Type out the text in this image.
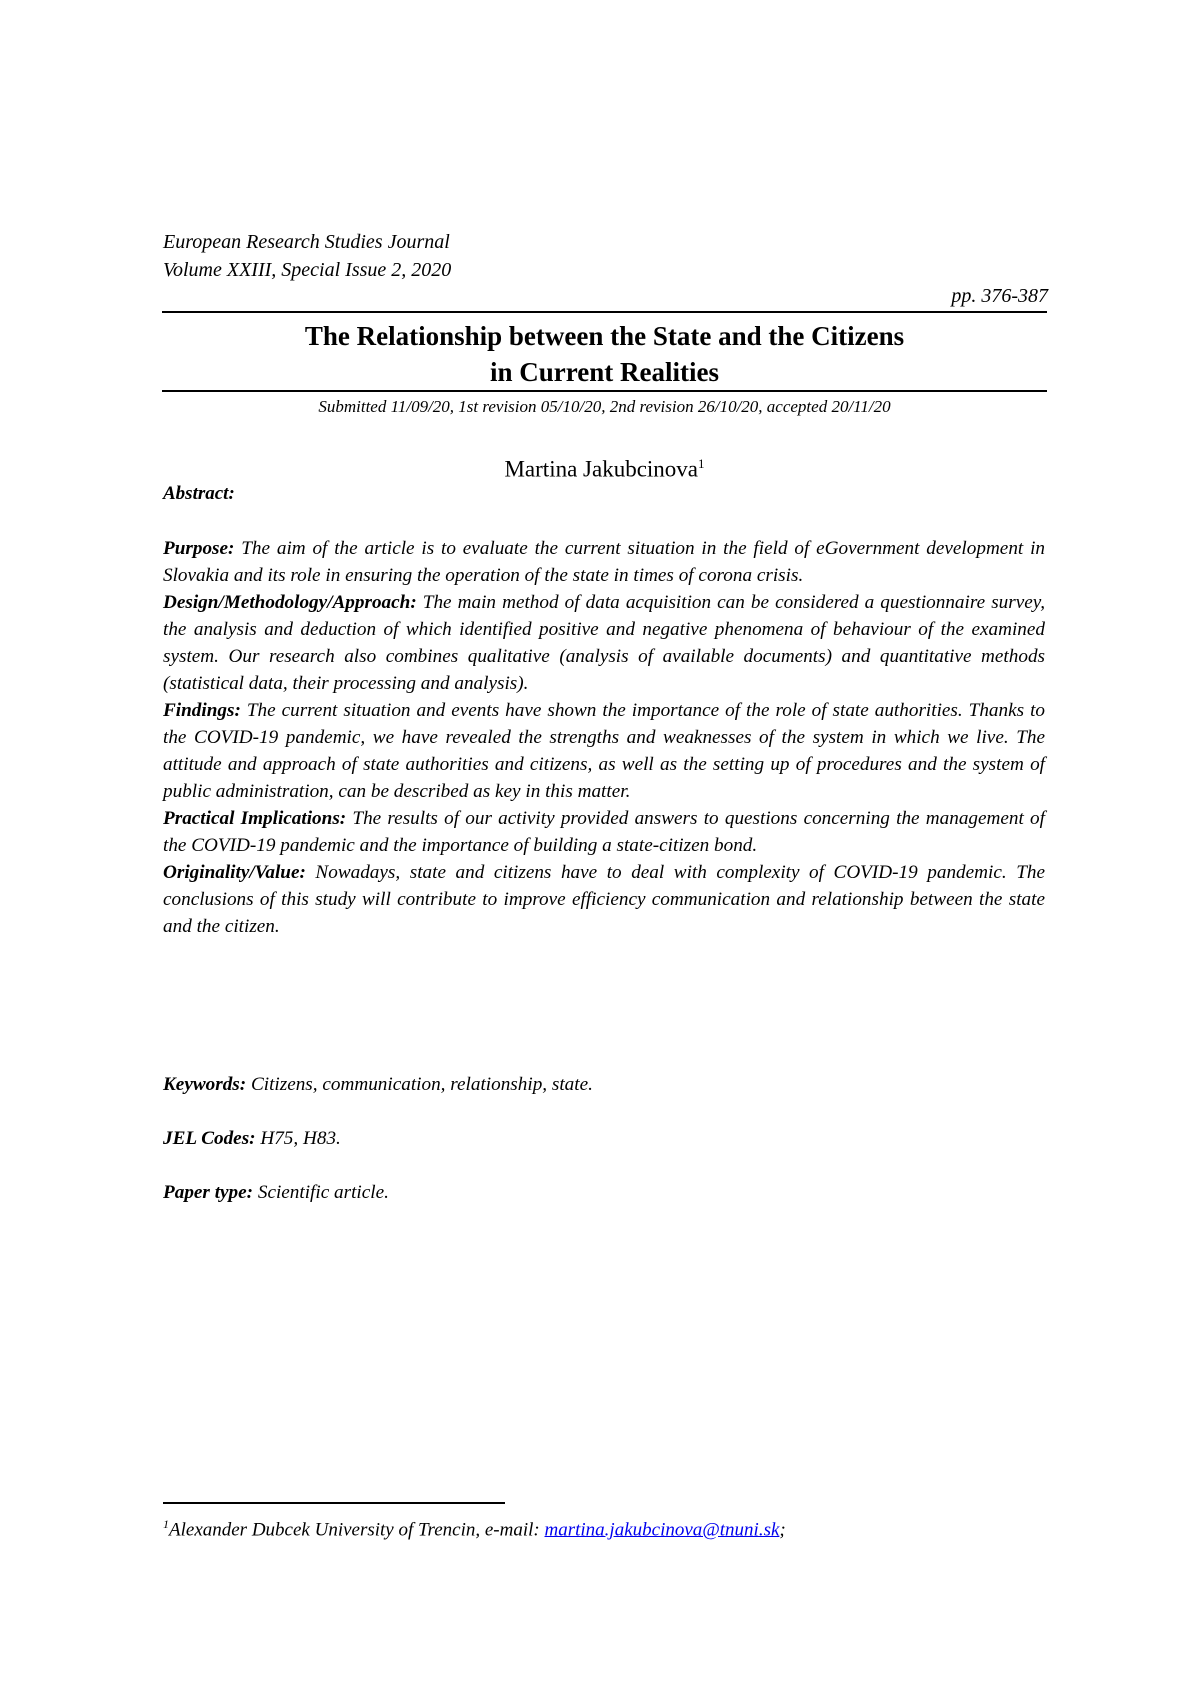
European Research Studies Journal
Volume XXIII, Special Issue 2, 2020
pp. 376-387
The Relationship between the State and the Citizens
in Current Realities
Submitted 11/09/20, 1st revision 05/10/20, 2nd revision 26/10/20, accepted 20/11/20
Martina Jakubcinova$^1$
Abstract:

Purpose: The aim of the article is to evaluate the current situation in the field of eGovernment development in Slovakia and its role in ensuring the operation of the state in times of corona crisis.

Design/Methodology/Approach: The main method of data acquisition can be considered a questionnaire survey, the analysis and deduction of which identified positive and negative phenomena of behaviour of the examined system. Our research also combines qualitative (analysis of available documents) and quantitative methods (statistical data, their processing and analysis).

Findings: The current situation and events have shown the importance of the role of state authorities. Thanks to the COVID-19 pandemic, we have revealed the strengths and weaknesses of the system in which we live. The attitude and approach of state authorities and citizens, as well as the setting up of procedures and the system of public administration, can be described as key in this matter.

Practical Implications: The results of our activity provided answers to questions concerning the management of the COVID-19 pandemic and the importance of building a state-citizen bond.

Originality/Value: Nowadays, state and citizens have to deal with complexity of COVID-19 pandemic. The conclusions of this study will contribute to improve efficiency communication and relationship between the state and the citizen.

Keywords: Citizens, communication, relationship, state.
JEL Codes: H75, H83.
Paper type: Scientific article.
$^1$Alexander Dubcek University of Trencin, e-mail: martina.jakubcinova@tnuni.sk;
